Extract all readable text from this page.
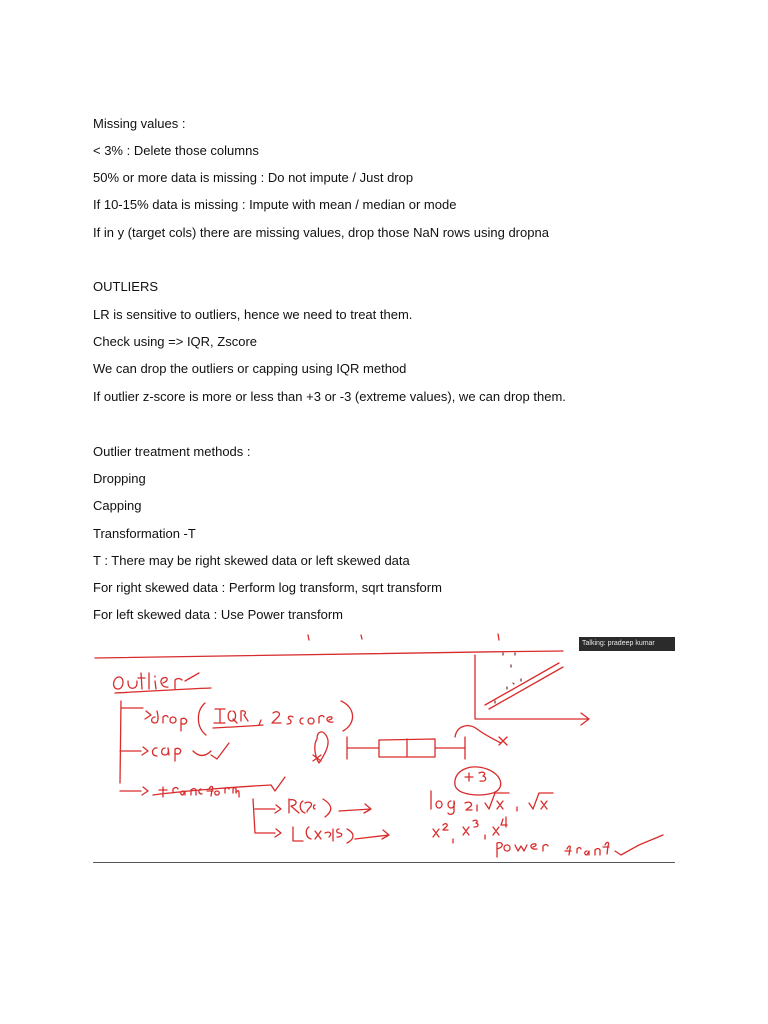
Missing values :
< 3% : Delete those columns
50% or more data is missing : Do not impute / Just drop
If 10-15% data is missing : Impute with mean / median or mode
If in y (target cols) there are missing values, drop those NaN rows using dropna
OUTLIERS
LR is sensitive to outliers, hence we need to treat them.
Check using => IQR, Zscore
We can drop the outliers or capping using IQR method
If outlier z-score is more or less than +3 or -3 (extreme values), we can drop them.
Outlier treatment methods :
Dropping
Capping
Transformation -T
T : There may be right skewed data or left skewed data
For right skewed data : Perform log transform, sqrt transform
For left skewed data : Use Power transform
Talking: pradeep kumar
